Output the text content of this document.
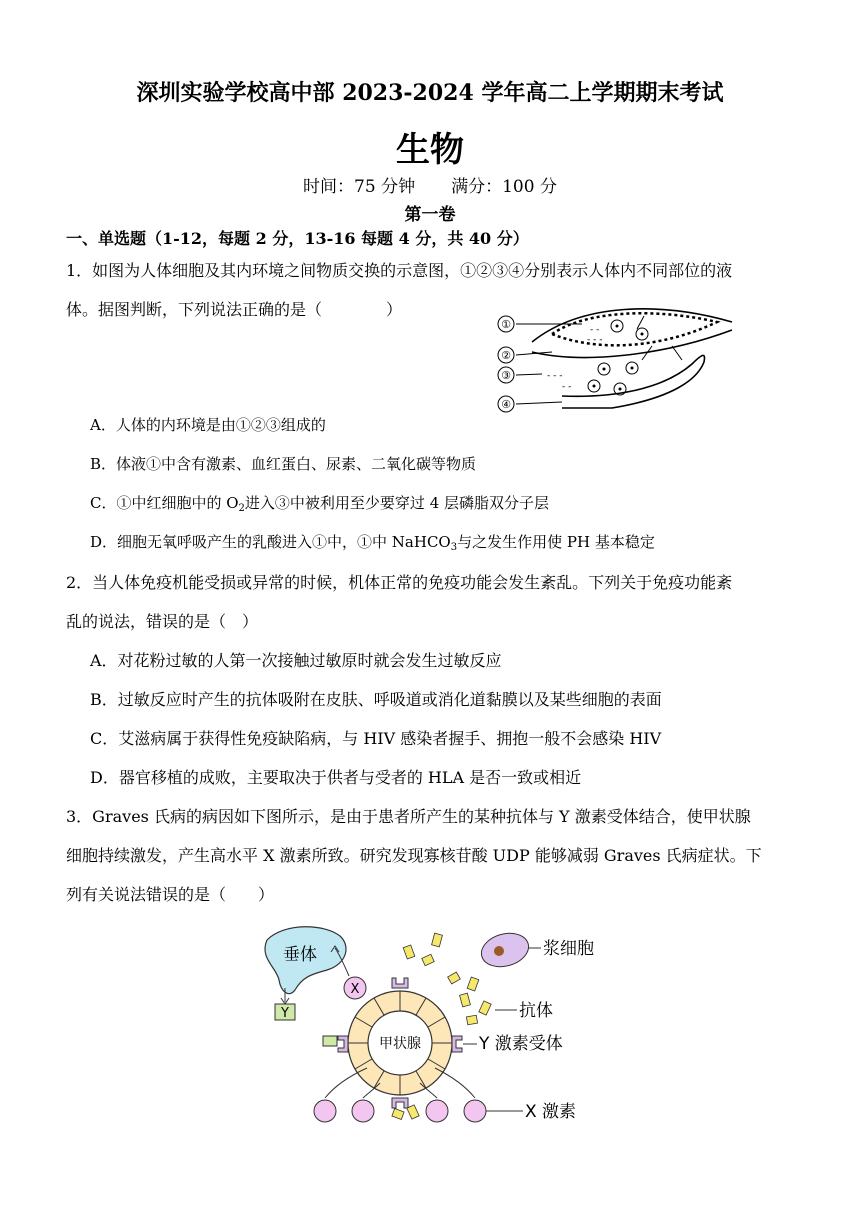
深圳实验学校高中部 2023-2024 学年高二上学期期末考试
生物
时间：75 分钟 满分：100 分
第一卷
一、单选题（1-12，每题 2 分，13-16 每题 4 分，共 40 分）
1．如图为人体细胞及其内环境之间物质交换的示意图，①②③④分别表示人体内不同部位的液
体。据图判断，下列说法正确的是（　　　　）
①
②
③
④
- -
- - -
- - -
- -
A．人体的内环境是由①②③组成的
B．体液①中含有激素、血红蛋白、尿素、二氧化碳等物质
C．①中红细胞中的 $O_2$进入③中被利用至少要穿过 4 层磷脂双分子层
D．细胞无氧呼吸产生的乳酸进入①中，①中 NaHCO$_3$与之发生作用使 PH 基本稳定
2．当人体免疫机能受损或异常的时候，机体正常的免疫功能会发生紊乱。下列关于免疫功能紊
乱的说法，错误的是（　）
A．对花粉过敏的人第一次接触过敏原时就会发生过敏反应
B．过敏反应时产生的抗体吸附在皮肤、呼吸道或消化道黏膜以及某些细胞的表面
C．艾滋病属于获得性免疫缺陷病，与 HIV 感染者握手、拥抱一般不会感染 HIV
D．器官移植的成败，主要取决于供者与受者的 HLA 是否一致或相近
3．Graves 氏病的病因如下图所示，是由于患者所产生的某种抗体与 Y 激素受体结合，使甲状腺
细胞持续激发，产生高水平 X 激素所致。研究发现寡核苷酸 UDP 能够减弱 Graves 氏病症状。下
列有关说法错误的是（　　）
垂体
Y
X
甲状腺
浆细胞
抗体
Y 激素受体
X 激素
